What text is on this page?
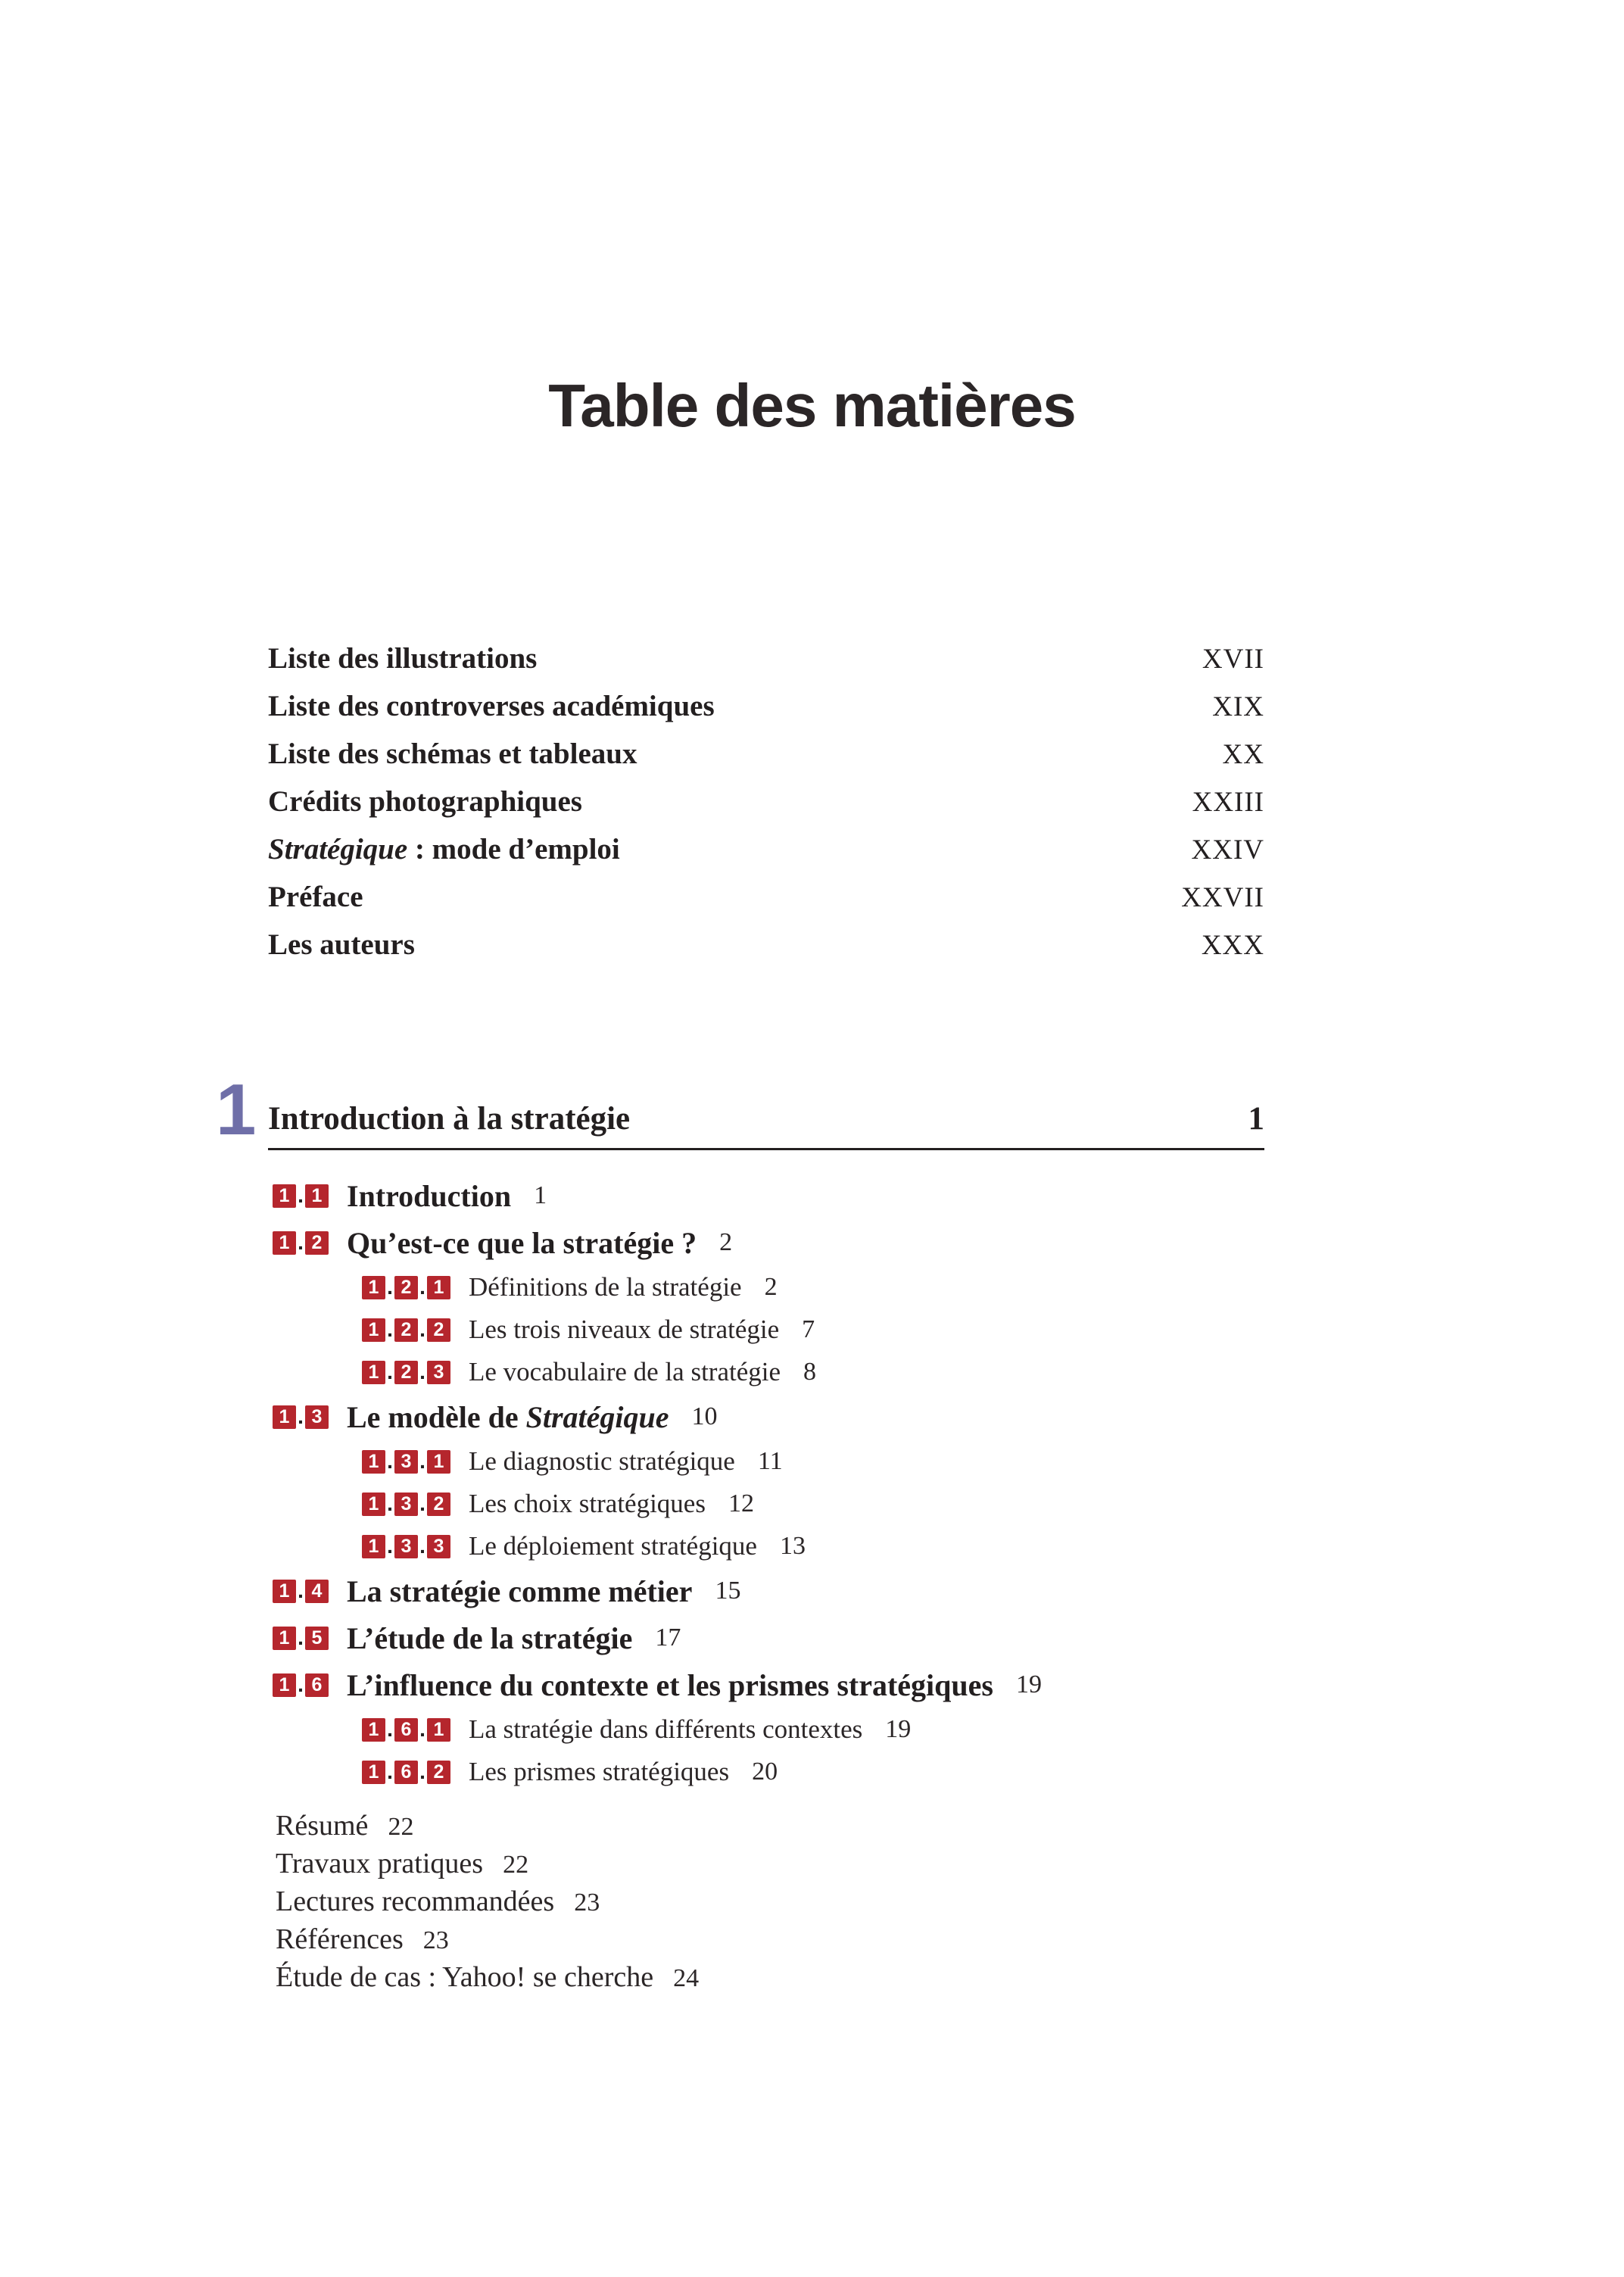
Table des matières
Liste des illustrations	XVII
Liste des controverses académiques	XIX
Liste des schémas et tableaux	XX
Crédits photographiques	XXIII
Stratégique : mode d’emploi	XXIV
Préface	XXVII
Les auteurs	XXX
1 Introduction à la stratégie	1
1 . 1 Introduction 1
1 . 2 Qu’est-ce que la stratégie ? 2
1 . 2 . 1 Définitions de la stratégie 2
1 . 2 . 2 Les trois niveaux de stratégie 7
1 . 2 . 3 Le vocabulaire de la stratégie 8
1 . 3 Le modèle de Stratégique 10
1 . 3 . 1 Le diagnostic stratégique 11
1 . 3 . 2 Les choix stratégiques 12
1 . 3 . 3 Le déploiement stratégique 13
1 . 4 La stratégie comme métier 15
1 . 5 L’étude de la stratégie 17
1 . 6 L’influence du contexte et les prismes stratégiques 19
1 . 6 . 1 La stratégie dans différents contextes 19
1 . 6 . 2 Les prismes stratégiques 20
Résumé 22
Travaux pratiques 22
Lectures recommandées 23
Références 23
Étude de cas : Yahoo! se cherche 24
